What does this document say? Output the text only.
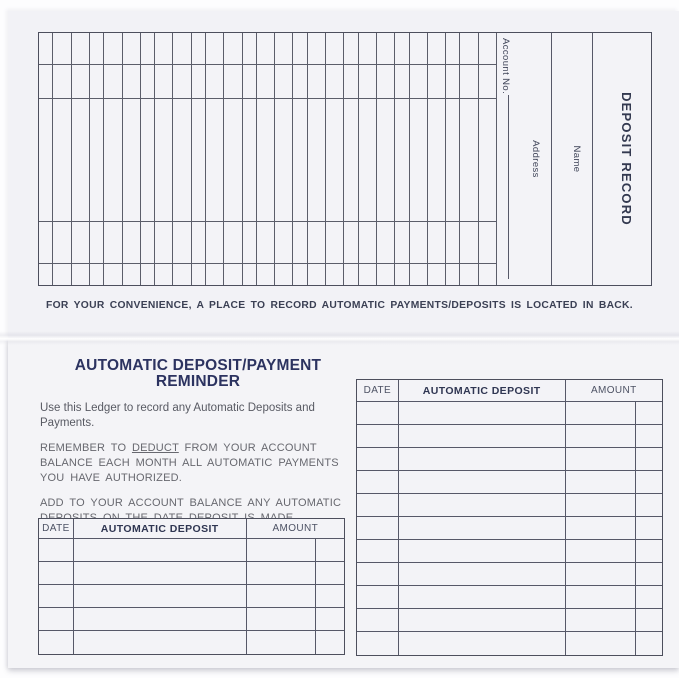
Account No.
Address	Name	DEPOSIT RECORD
FOR YOUR CONVENIENCE, A PLACE TO RECORD AUTOMATIC PAYMENTS/DEPOSITS IS LOCATED IN BACK.
AUTOMATIC DEPOSIT/PAYMENT
REMINDER
Use this Ledger to record any Automatic Deposits and
Payments.
REMEMBER TO DEDUCT FROM YOUR ACCOUNT
BALANCE EACH MONTH ALL AUTOMATIC PAYMENTS
YOU HAVE AUTHORIZED.
ADD TO YOUR ACCOUNT BALANCE ANY AUTOMATIC
DATE	AUTOMATIC DEPOSIT	AMOUNT
DATE	AUTOMATIC DEPOSIT	AMOUNT
